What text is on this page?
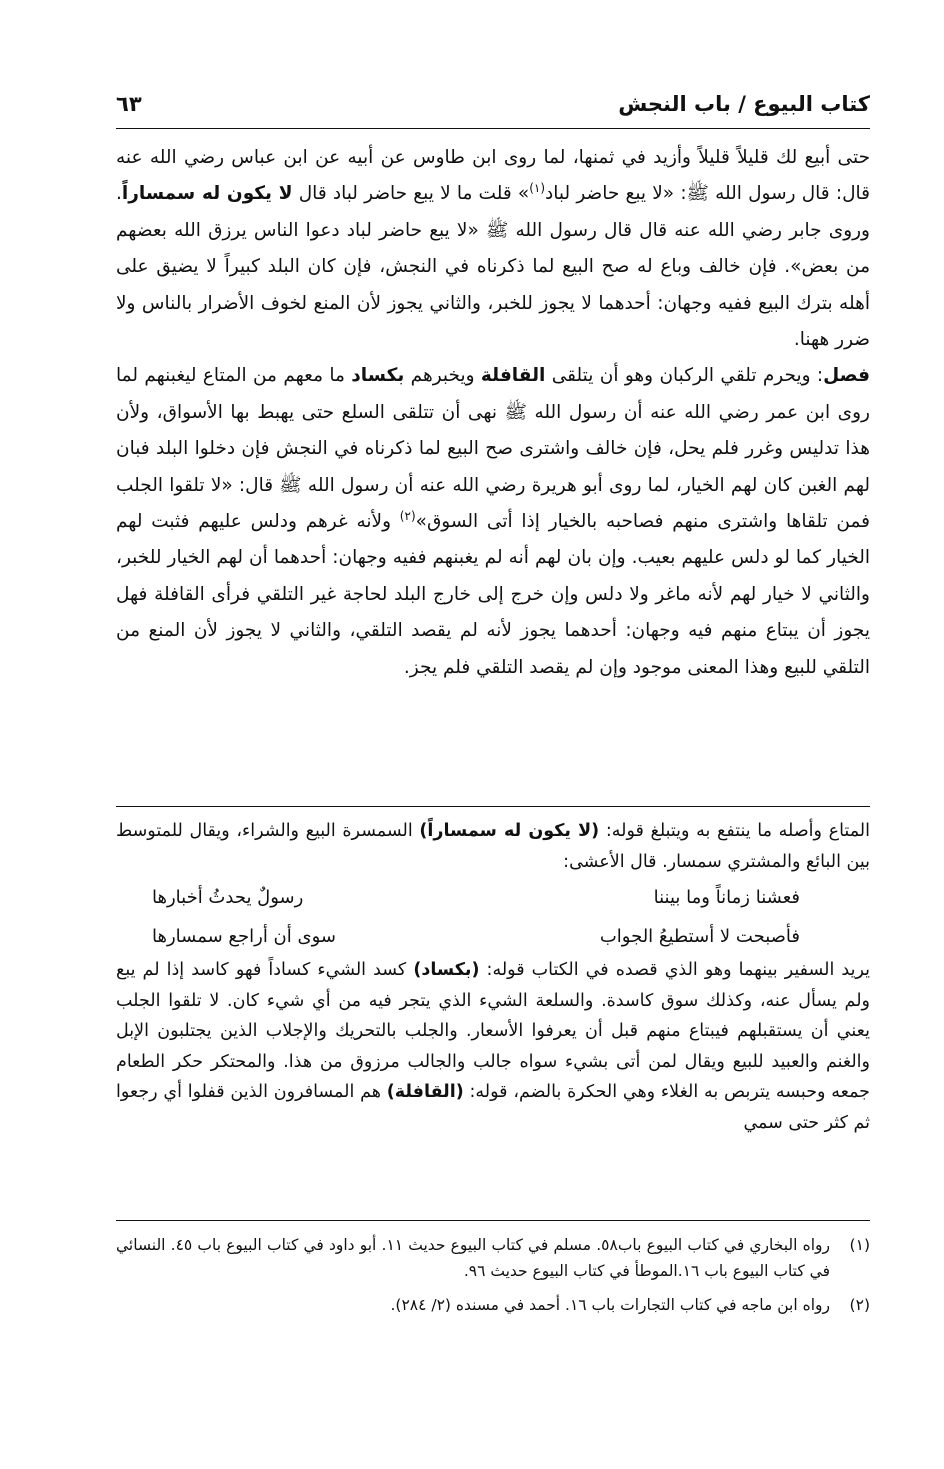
كتاب البيوع / باب النجش
٦٣

حتى أبيع لك قليلاً قليلاً وأزيد في ثمنها، لما روى ابن طاوس عن أبيه عن ابن عباس رضي الله عنه قال: قال رسول الله ﷺ: «لا يبع حاضر لباد$^{(١)}$» قلت ما لا يبع حاضر لباد قال لا يكون له سمساراً. وروى جابر رضي الله عنه قال قال رسول الله ﷺ «لا يبع حاضر لباد دعوا الناس يرزق الله بعضهم من بعض». فإن خالف وباع له صح البيع لما ذكرناه في النجش، فإن كان البلد كبيراً لا يضيق على أهله بترك البيع ففيه وجهان: أحدهما لا يجوز للخبر، والثاني يجوز لأن المنع لخوف الأضرار بالناس ولا ضرر ههنا.

فصل: ويحرم تلقي الركبان وهو أن يتلقى القافلة ويخبرهم بكساد ما معهم من المتاع ليغبنهم لما روى ابن عمر رضي الله عنه أن رسول الله ﷺ نهى أن تتلقى السلع حتى يهبط بها الأسواق، ولأن هذا تدليس وغرر فلم يحل، فإن خالف واشترى صح البيع لما ذكرناه في النجش فإن دخلوا البلد فبان لهم الغبن كان لهم الخيار، لما روى أبو هريرة رضي الله عنه أن رسول الله ﷺ قال: «لا تلقوا الجلب فمن تلقاها واشترى منهم فصاحبه بالخيار إذا أتى السوق»$^{(٢)}$ ولأنه غرهم ودلس عليهم فثبت لهم الخيار كما لو دلس عليهم بعيب. وإن بان لهم أنه لم يغبنهم ففيه وجهان: أحدهما أن لهم الخيار للخبر، والثاني لا خيار لهم لأنه ماغر ولا دلس وإن خرج إلى خارج البلد لحاجة غير التلقي فرأى القافلة فهل يجوز أن يبتاع منهم فيه وجهان: أحدهما يجوز لأنه لم يقصد التلقي، والثاني لا يجوز لأن المنع من التلقي للبيع وهذا المعنى موجود وإن لم يقصد التلقي فلم يجز.

المتاع وأصله ما ينتفع به ويتبلغ قوله: (لا يكون له سمساراً) السمسرة البيع والشراء، ويقال للمتوسط بين البائع والمشتري سمسار. قال الأعشى:

فعشنا زماناً وما بيننا
رسولٌ يحدثُ أخبارها
فأصبحت لا أستطيعُ الجواب
سوى أن أراجع سمسارها

يريد السفير بينهما وهو الذي قصده في الكتاب قوله: (بكساد) كسد الشيء كساداً فهو كاسد إذا لم يبع ولم يسأل عنه، وكذلك سوق كاسدة. والسلعة الشيء الذي يتجر فيه من أي شيء كان. لا تلقوا الجلب يعني أن يستقبلهم فيبتاع منهم قبل أن يعرفوا الأسعار. والجلب بالتحريك والإجلاب الذين يجتلبون الإبل والغنم والعبيد للبيع ويقال لمن أتى بشيء سواه جالب والجالب مرزوق من هذا. والمحتكر حكر الطعام جمعه وحبسه يتربص به الغلاء وهي الحكرة بالضم، قوله: (القافلة) هم المسافرون الذين قفلوا أي رجعوا ثم كثر حتى سمي

(١)
رواه البخاري في كتاب البيوع باب٥٨. مسلم في كتاب البيوع حديث ١١. أبو داود في كتاب البيوع باب ٤٥. النسائي في كتاب البيوع باب ١٦.الموطأ في كتاب البيوع حديث ٩٦.
(٢)
رواه ابن ماجه في كتاب التجارات باب ١٦. أحمد في مسنده (٢/ ٢٨٤).
